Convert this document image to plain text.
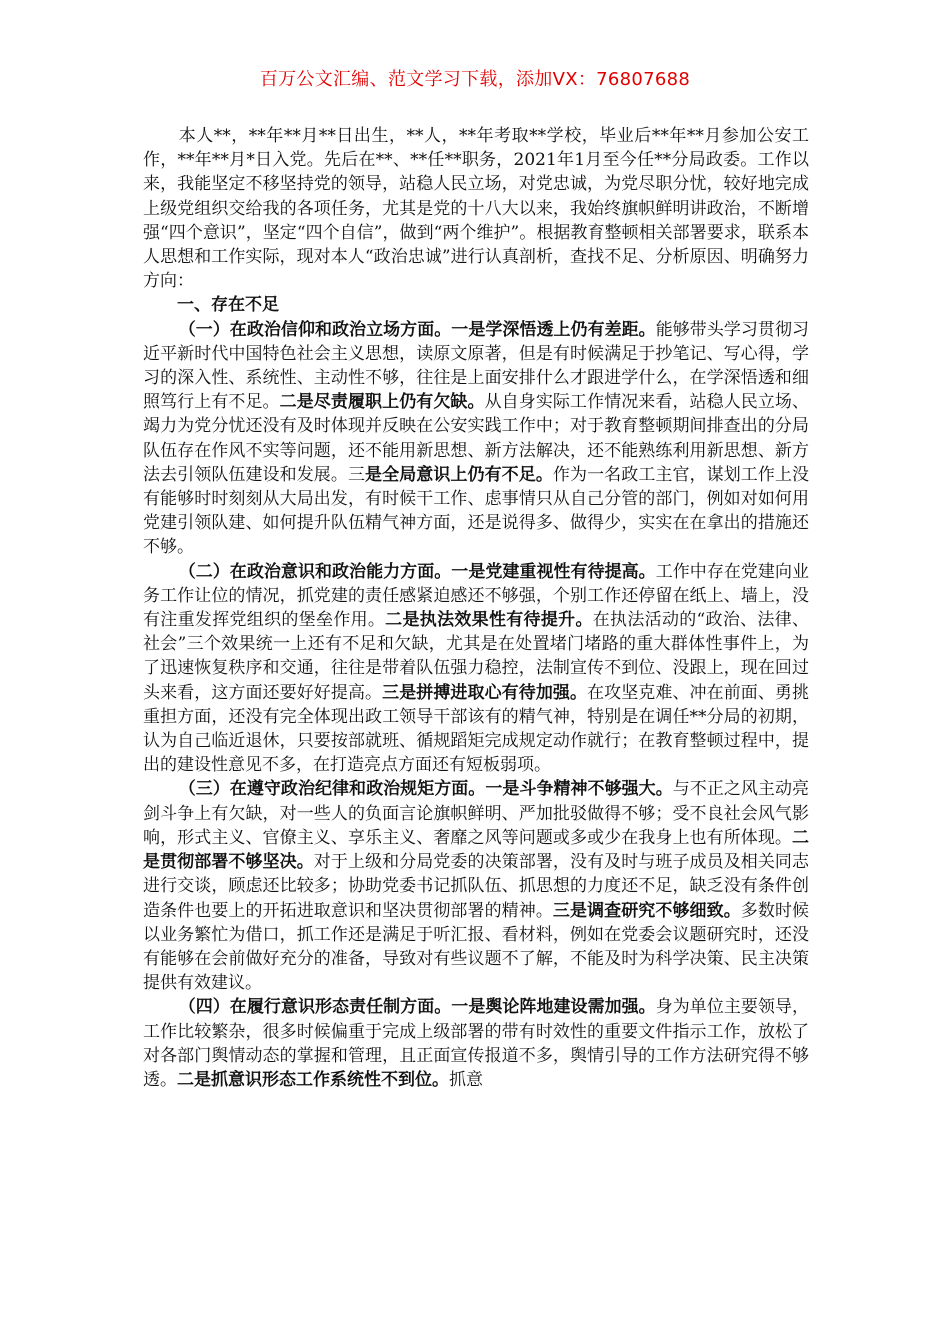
百万公文汇编、范文学习下载，添加VX：76807688

本人**，**年**月**日出生，**人，**年考取**学校，毕业后**年**月参加公安工作，**年**月*日入党。先后在**、**任**职务，2021年1月至今任**分局政委。工作以来，我能坚定不移坚持党的领导，站稳人民立场，对党忠诚，为党尽职分忧，较好地完成上级党组织交给我的各项任务，尤其是党的十八大以来，我始终旗帜鲜明讲政治，不断增强“四个意识”，坚定“四个自信”，做到“两个维护”。根据教育整顿相关部署要求，联系本人思想和工作实际，现对本人“政治忠诚”进行认真剖析，查找不足、分析原因、明确努力方向：

一、存在不足

（一）在政治信仰和政治立场方面。一是学深悟透上仍有差距。能够带头学习贯彻习近平新时代中国特色社会主义思想，读原文原著，但是有时候满足于抄笔记、写心得，学习的深入性、系统性、主动性不够，往往是上面安排什么才跟进学什么，在学深悟透和细照笃行上有不足。二是尽责履职上仍有欠缺。从自身实际工作情况来看，站稳人民立场、竭力为党分忧还没有及时体现并反映在公安实践工作中；对于教育整顿期间排查出的分局队伍存在作风不实等问题，还不能用新思想、新方法解决，还不能熟练利用新思想、新方法去引领队伍建设和发展。三是全局意识上仍有不足。作为一名政工主官，谋划工作上没有能够时时刻刻从大局出发，有时候干工作、虑事情只从自己分管的部门，例如对如何用党建引领队建、如何提升队伍精气神方面，还是说得多、做得少，实实在在拿出的措施还不够。

（二）在政治意识和政治能力方面。一是党建重视性有待提高。工作中存在党建向业务工作让位的情况，抓党建的责任感紧迫感还不够强，个别工作还停留在纸上、墙上，没有注重发挥党组织的堡垒作用。二是执法效果性有待提升。在执法活动的“政治、法律、社会”三个效果统一上还有不足和欠缺，尤其是在处置堵门堵路的重大群体性事件上，为了迅速恢复秩序和交通，往往是带着队伍强力稳控，法制宣传不到位、没跟上，现在回过头来看，这方面还要好好提高。三是拼搏进取心有待加强。在攻坚克难、冲在前面、勇挑重担方面，还没有完全体现出政工领导干部该有的精气神，特别是在调任**分局的初期，认为自己临近退休，只要按部就班、循规蹈矩完成规定动作就行；在教育整顿过程中，提出的建设性意见不多，在打造亮点方面还有短板弱项。

（三）在遵守政治纪律和政治规矩方面。一是斗争精神不够强大。与不正之风主动亮剑斗争上有欠缺，对一些人的负面言论旗帜鲜明、严加批驳做得不够；受不良社会风气影响，形式主义、官僚主义、享乐主义、奢靡之风等问题或多或少在我身上也有所体现。二是贯彻部署不够坚决。对于上级和分局党委的决策部署，没有及时与班子成员及相关同志进行交谈，顾虑还比较多；协助党委书记抓队伍、抓思想的力度还不足，缺乏没有条件创造条件也要上的开拓进取意识和坚决贯彻部署的精神。三是调查研究不够细致。多数时候以业务繁忙为借口，抓工作还是满足于听汇报、看材料，例如在党委会议题研究时，还没有能够在会前做好充分的准备，导致对有些议题不了解，不能及时为科学决策、民主决策提供有效建议。

（四）在履行意识形态责任制方面。一是舆论阵地建设需加强。身为单位主要领导，工作比较繁杂，很多时候偏重于完成上级部署的带有时效性的重要文件指示工作，放松了对各部门舆情动态的掌握和管理，且正面宣传报道不多，舆情引导的工作方法研究得不够透。二是抓意识形态工作系统性不到位。抓意
